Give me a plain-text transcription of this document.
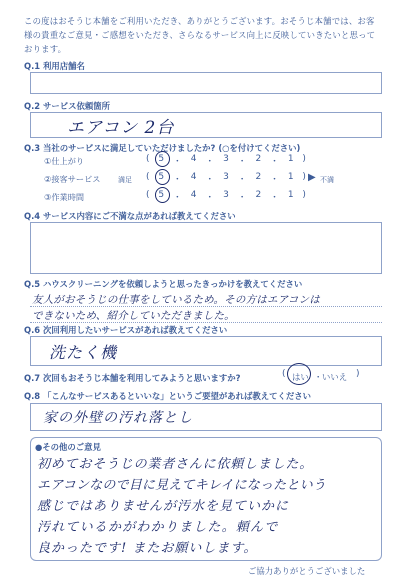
この度はおそうじ本舗をご利用いただき、ありがとうございます。おそうじ本舗では、お客様の貴重なご意見・ご感想をいただき、さらなるサービス向上に反映していきたいと思っております。
Q.1 利用店舗名
Q.2 サービス依頼箇所
エアコン 2台
Q.3 当社のサービスに満足していただけましたか? (○を付けてください)
①仕上がり	( 5 ・ 4 ・ 3 ・ 2 ・ 1 )
②接客サービス	満足 ( 5 ・ 4 ・ 3 ・ 2 ・ 1 ) ▶ 不満
③作業時間	( 5 ・ 4 ・ 3 ・ 2 ・ 1 )
Q.4 サービス内容にご不満な点があれば教えてください
Q.5 ハウスクリーニングを依頼しようと思ったきっかけを教えてください
友人がおそうじの仕事をしているため。その方はエアコンは
できないため、紹介していただきました。
Q.6 次回利用したいサービスがあれば教えてください
洗たく機
Q.7 次回もおそうじ本舗を利用してみようと思いますか?	( はい ・ いいえ )
Q.8 「こんなサービスあるといいな」というご要望があれば教えてください
家の外壁の汚れ落とし
●その他のご意見
初めておそうじの業者さんに依頼しました。
エアコンなので目に見えてキレイになったという
感じではありませんが汚水を見ていかに
汚れているかがわかりました。頼んで
良かったです! またお願いします。
ご協力ありがとうございました
